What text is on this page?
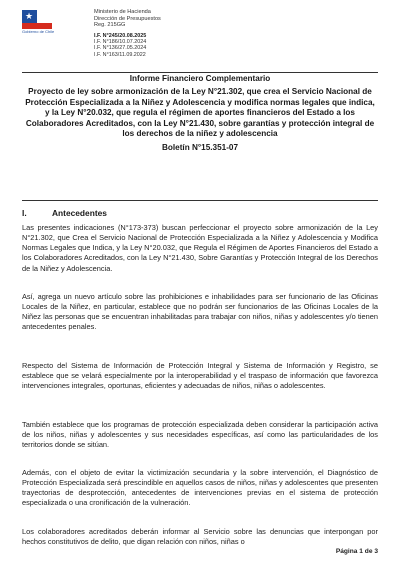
★
Gobierno de Chile
Ministerio de Hacienda
Dirección de Presupuestos
Reg. 215GG
I.F. N°245/20.08.2025
I.F. N°186/10.07.2024
I.F. N°136/27.05.2024
I.F. N°163/11.09.2022
Informe Financiero Complementario
Proyecto de ley sobre armonización de la Ley N°21.302, que crea el Servicio Nacional de Protección Especializada a la Niñez y Adolescencia y modifica normas legales que indica, y la Ley N°20.032, que regula el régimen de aportes financieros del Estado a los Colaboradores Acreditados, con la Ley N°21.430, sobre garantías y protección integral de los derechos de la niñez y adolescencia
Boletín N°15.351-07
I.	Antecedentes
Las presentes indicaciones (N°173-373) buscan perfeccionar el proyecto sobre armonización de la Ley N°21.302, que Crea el Servicio Nacional de Protección Especializada a la Niñez y Adolescencia y Modifica Normas Legales que Indica, y la Ley N°20.032, que Regula el Régimen de Aportes Financieros del Estado a los Colaboradores Acreditados, con la Ley N°21.430, Sobre Garantías y Protección Integral de los Derechos de la Niñez y Adolescencia.
Así, agrega un nuevo artículo sobre las prohibiciones e inhabilidades para ser funcionario de las Oficinas Locales de la Niñez, en particular, establece que no podrán ser funcionarios de las Oficinas Locales de la Niñez las personas que se encuentran inhabilitadas para trabajar con niños, niñas y adolescentes y/o tienen antecedentes penales.
Respecto del Sistema de Información de Protección Integral y Sistema de Información y Registro, se establece que se velará especialmente por la interoperabilidad y el traspaso de información que favorezca intervenciones integrales, oportunas, eficientes y adecuadas de niños, niñas o adolescentes.
También establece que los programas de protección especializada deben considerar la participación activa de los niños, niñas y adolescentes y sus necesidades específicas, así como las particularidades de los territorios donde se sitúan.
Además, con el objeto de evitar la victimización secundaria y la sobre intervención, el Diagnóstico de Protección Especializada será prescindible en aquellos casos de niños, niñas y adolescentes que presenten trayectorias de desprotección, antecedentes de intervenciones previas en el sistema de protección especializada o una cronificación de la vulneración.
Los colaboradores acreditados deberán informar al Servicio sobre las denuncias que interpongan por hechos constitutivos de delito, que digan relación con niños, niñas o
Página 1 de 3
